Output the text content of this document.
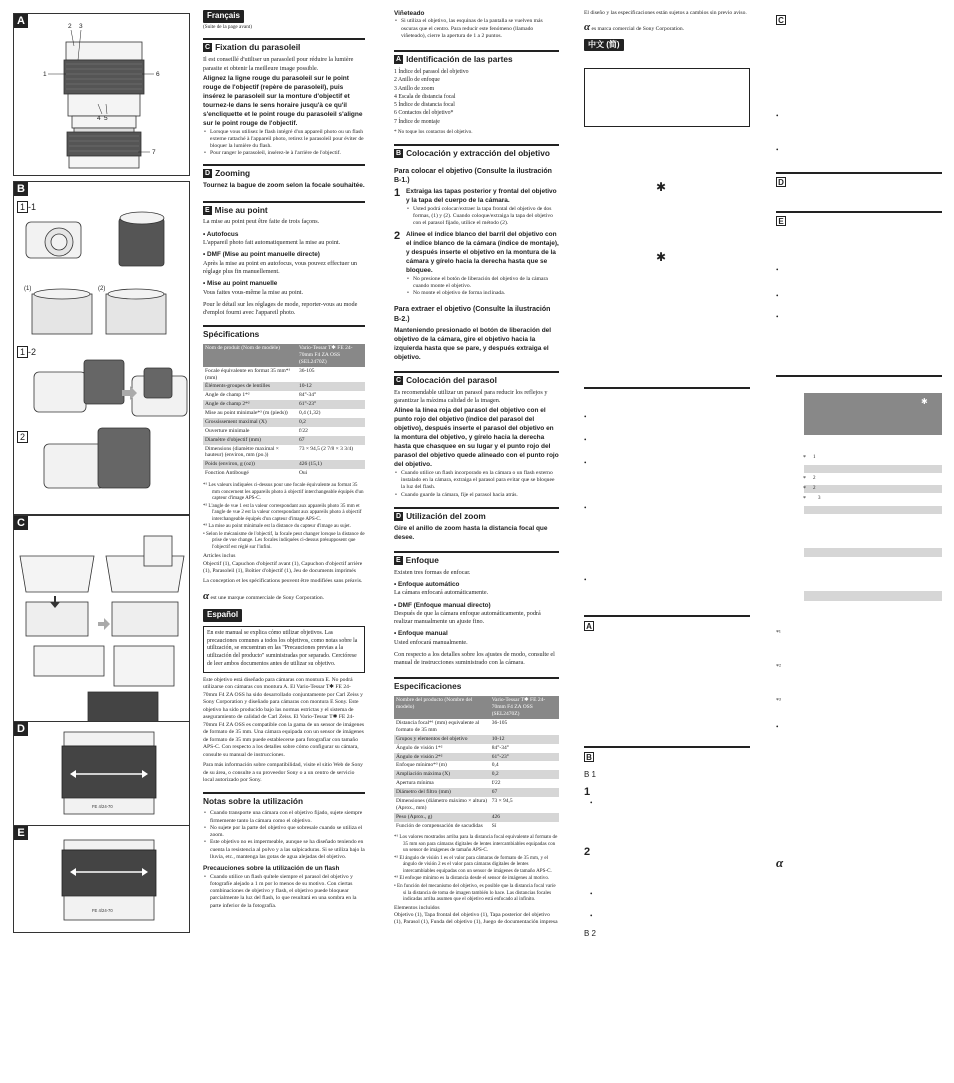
A
1
2 3
4 5
6
7
B
1 -1
1 -2
2
(1)	(2)
C
D
FE 4/24-70
E
FE 4/24-70
Français
(Suite de la page avant)
C Fixation du parasoleil
Il est conseillé d'utiliser un parasoleil pour réduire la lumière parasite et obtenir la meilleure image possible.
Alignez la ligne rouge du parasoleil sur le point rouge de l'objectif (repère de parasoleil), puis insérez le parasoleil sur la monture d'objectif et tournez-le dans le sens horaire jusqu'à ce qu'il s'encliquette et le point rouge du parasoleil s'aligne sur le point rouge de l'objectif.
• Lorsque vous utilisez le flash intégré d'un appareil photo ou un flash externe rattaché à l'appareil photo, retirez le parasoleil pour éviter de bloquer la lumière du flash.
• Pour ranger le parasoleil, insérez-le à l'arrière de l'objectif.
D Zooming
Tournez la bague de zoom selon la focale souhaitée.
E Mise au point
La mise au point peut être faite de trois façons.
• Autofocus
L'appareil photo fait automatiquement la mise au point.
• DMF (Mise au point manuelle directe)
Après la mise au point en autofocus, vous pouvez effectuer un réglage plus fin manuellement.
• Mise au point manuelle
Vous faites vous-même la mise au point.
Pour le détail sur les réglages de mode, reporter-vous au mode d'emploi fourni avec l'appareil photo.
Spécifications
Nom de produit (Nom de modèle)	Vario-Tessar T✱ FE 24-70mm F4 ZA OSS (SEL2470Z)
Focale équivalente en format 35 mm*¹ (mm)	36-105
Éléments-groupes de lentilles	10-12
Angle de champ 1*²	84°-34°
Angle de champ 2*²	61°-23°
Mise au point minimale*³ (m (pieds))	0,4 (1,32)
Grossissement maximal (X)	0,2
Ouverture minimale	f/22
Diamètre d'objectif (mm)	67
Dimensions (diamètre maximal × hauteur) (environ, mm (po.))	73 × 94,5 (2 7/8 × 3 3/4)
Poids (environ, g (oz))	426 (15,1)
Fonction Antibougé	Oui
*¹ Les valeurs indiquées ci-dessus pour une focale équivalente au format 35 mm concernent les appareils photo à objectif interchangeable équipés d'un capteur d'image APS-C.
*² L'angle de vue 1 est la valeur correspondant aux appareils photo 35 mm et l'angle de vue 2 est la valeur correspondant aux appareils photo à objectif interchangeable équipés d'un capteur d'image APS-C.
*³ La mise au point minimale est la distance du capteur d'image au sujet.
• Selon le mécanisme de l'objectif, la focale peut changer lorsque la distance de prise de vue change. Les focales indiquées ci-dessus présupposent que l'objectif est réglé sur l'infini.
Articles inclus
Objectif (1), Capuchon d'objectif avant (1), Capuchon d'objectif arrière (1), Parasoleil (1), Boîtier d'objectif (1), Jeu de documents imprimés
La conception et les spécifications peuvent être modifiées sans préavis.
α est une marque commerciale de Sony Corporation.
Español
En este manual se explica cómo utilizar objetivos. Las precauciones comunes a todos los objetivos, como notas sobre la utilización, se encuentran en las "Precauciones previas a la utilización del producto" suministradas por separado. Cerciórese de leer ambos documentos antes de utilizar su objetivo.
Este objetivo está diseñado para cámaras con montura E. No podrá utilizarse con cámaras con montura A. El Vario-Tessar T✱ FE 24-70mm F4 ZA OSS ha sido desarrollado conjuntamente por Carl Zeiss y Sony Corporation y diseñado para cámaras con montura E Sony. Este objetivo ha sido producido bajo las normas estrictas y el sistema de aseguramiento de calidad de Carl Zeiss. El Vario-Tessar T✱ FE 24-70mm F4 ZA OSS es compatible con la gama de un sensor de imágenes de formato de 35 mm. Una cámara equipada con un sensor de imágenes de formato de 35 mm puede establecerse para fotografiar con tamaño APS-C. Con respecto a los detalles sobre cómo configurar su cámara, consulte su manual de instrucciones.
Para más información sobre compatibilidad, visite el sitio Web de Sony de su área, o consulte a su proveedor Sony o a un centro de servicio local autorizado por Sony.
Notas sobre la utilización
• Cuando transporte una cámara con el objetivo fijado, sujete siempre firmemente tanto la cámara como el objetivo.
• No sujete por la parte del objetivo que sobresale cuando se utiliza el zoom.
• Este objetivo no es impermeable, aunque se ha diseñado teniendo en cuenta la resistencia al polvo y a las salpicaduras. Si se utiliza bajo la lluvia, etc., mantenga las gotas de agua alejadas del objetivo.
Precauciones sobre la utilización de un flash
• Cuando utilice un flash quítele siempre el parasol del objetivo y fotografíe alejado a 1 m por lo menos de su motivo. Con ciertas combinaciones de objetivo y flash, el objetivo puede bloquear parcialmente la luz del flash, lo que resultará en una sombra en la parte inferior de la fotografía.
Viñeteado
• Si utiliza el objetivo, las esquinas de la pantalla se vuelven más oscuras que el centro. Para reducir este fenómeno (llamado viñeteado), cierre la apertura de 1 a 2 puntos.
A Identificación de las partes
1 Índice del parasol del objetivo
2 Anillo de enfoque
3 Anillo de zoom
4 Escala de distancia focal
5 Índice de distancia focal
6 Contactos del objetivo*
7 Índice de montaje
* No toque los contactos del objetivo.
B Colocación y extracción del objetivo
Para colocar el objetivo (Consulte la ilustración B-1.)
1 Extraiga las tapas posterior y frontal del objetivo y la tapa del cuerpo de la cámara.
• Usted podrá colocar/extraer la tapa frontal del objetivo de dos formas, (1) y (2). Cuando coloque/extraiga la tapa del objetivo con el parasol fijado, utilice el método (2).
2 Alinee el índice blanco del barril del objetivo con el índice blanco de la cámara (índice de montaje), y después inserte el objetivo en la montura de la cámara y gírelo hacia la derecha hasta que se bloquee.
• No presione el botón de liberación del objetivo de la cámara cuando monte el objetivo.
• No monte el objetivo de forma inclinada.
Para extraer el objetivo (Consulte la ilustración B-2.)
Manteniendo presionado el botón de liberación del objetivo de la cámara, gire el objetivo hacia la izquierda hasta que se pare, y después extraiga el objetivo.
C Colocación del parasol
Es recomendable utilizar un parasol para reducir los reflejos y garantizar la máxima calidad de la imagen.
Alinee la línea roja del parasol del objetivo con el punto rojo del objetivo (índice del parasol del objetivo), después inserte el parasol del objetivo en la montura del objetivo, y gírelo hacia la derecha hasta que chasquee en su lugar y el punto rojo del parasol del objetivo quede alineado con el punto rojo del objetivo.
• Cuando utilice un flash incorporado en la cámara o un flash externo instalado en la cámara, extraiga el parasol para evitar que se bloquee la luz del flash.
• Cuando guarde la cámara, fije el parasol hacia atrás.
D Utilización del zoom
Gire el anillo de zoom hasta la distancia focal que desee.
E Enfoque
Existen tres formas de enfocar.
• Enfoque automático
La cámara enfocará automáticamente.
• DMF (Enfoque manual directo)
Después de que la cámara enfoque automáticamente, podrá realizar manualmente un ajuste fino.
• Enfoque manual
Usted enfocará manualmente.
Con respecto a los detalles sobre los ajustes de modo, consulte el manual de instrucciones suministrado con la cámara.
Especificaciones
Nombre del producto (Nombre del modelo)	Vario-Tessar T✱ FE 24-70mm F4 ZA OSS (SEL2470Z)
Distancia focal*¹ (mm) equivalente al formato de 35 mm	36-105
Grupos y elementos del objetivo	10-12
Ángulo de visión 1*²	84°-34°
Ángulo de visión 2*²	61°-23°
Enfoque mínimo*³ (m)	0,4
Ampliación máxima (X)	0,2
Apertura mínima	f/22
Diámetro del filtro (mm)	67
Dimensiones (diámetro máximo × altura) (Aprox., mm)	73 × 94,5
Peso (Aprox., g)	426
Función de compensación de sacudidas	Sí
*¹ Los valores mostrados arriba para la distancia focal equivalente al formato de 35 mm son para cámaras digitales de lentes intercambiables equipadas con un sensor de imágenes de tamaño APS-C.
*² El ángulo de visión 1 es el valor para cámaras de formato de 35 mm, y el ángulo de visión 2 es el valor para cámaras digitales de lentes intercambiables equipadas con un sensor de imágenes de tamaño APS-C.
*³ El enfoque mínimo es la distancia desde el sensor de imágenes al motivo.
• En función del mecanismo del objetivo, es posible que la distancia focal varíe si la distancia de toma de imagen también lo hace. Las distancias focales indicadas arriba asumen que el objetivo está enfocado al infinito.
Elementos incluidos
Objetivo (1), Tapa frontal del objetivo (1), Tapa posterior del objetivo (1), Parasol (1), Funda del objetivo (1), Juego de documentación impresa
El diseño y las especificaciones están sujetos a cambios sin previo aviso.
α es marca comercial de Sony Corporation.
中文 (简)
✱
✱
•
•
•
•
•
A
B
B 1
1
•
2
•
•
B 2
C
•
•
D
E
•
•
•
✱
* 1
* 2
* 2
* 3
*¹
*²
*³
•
α
